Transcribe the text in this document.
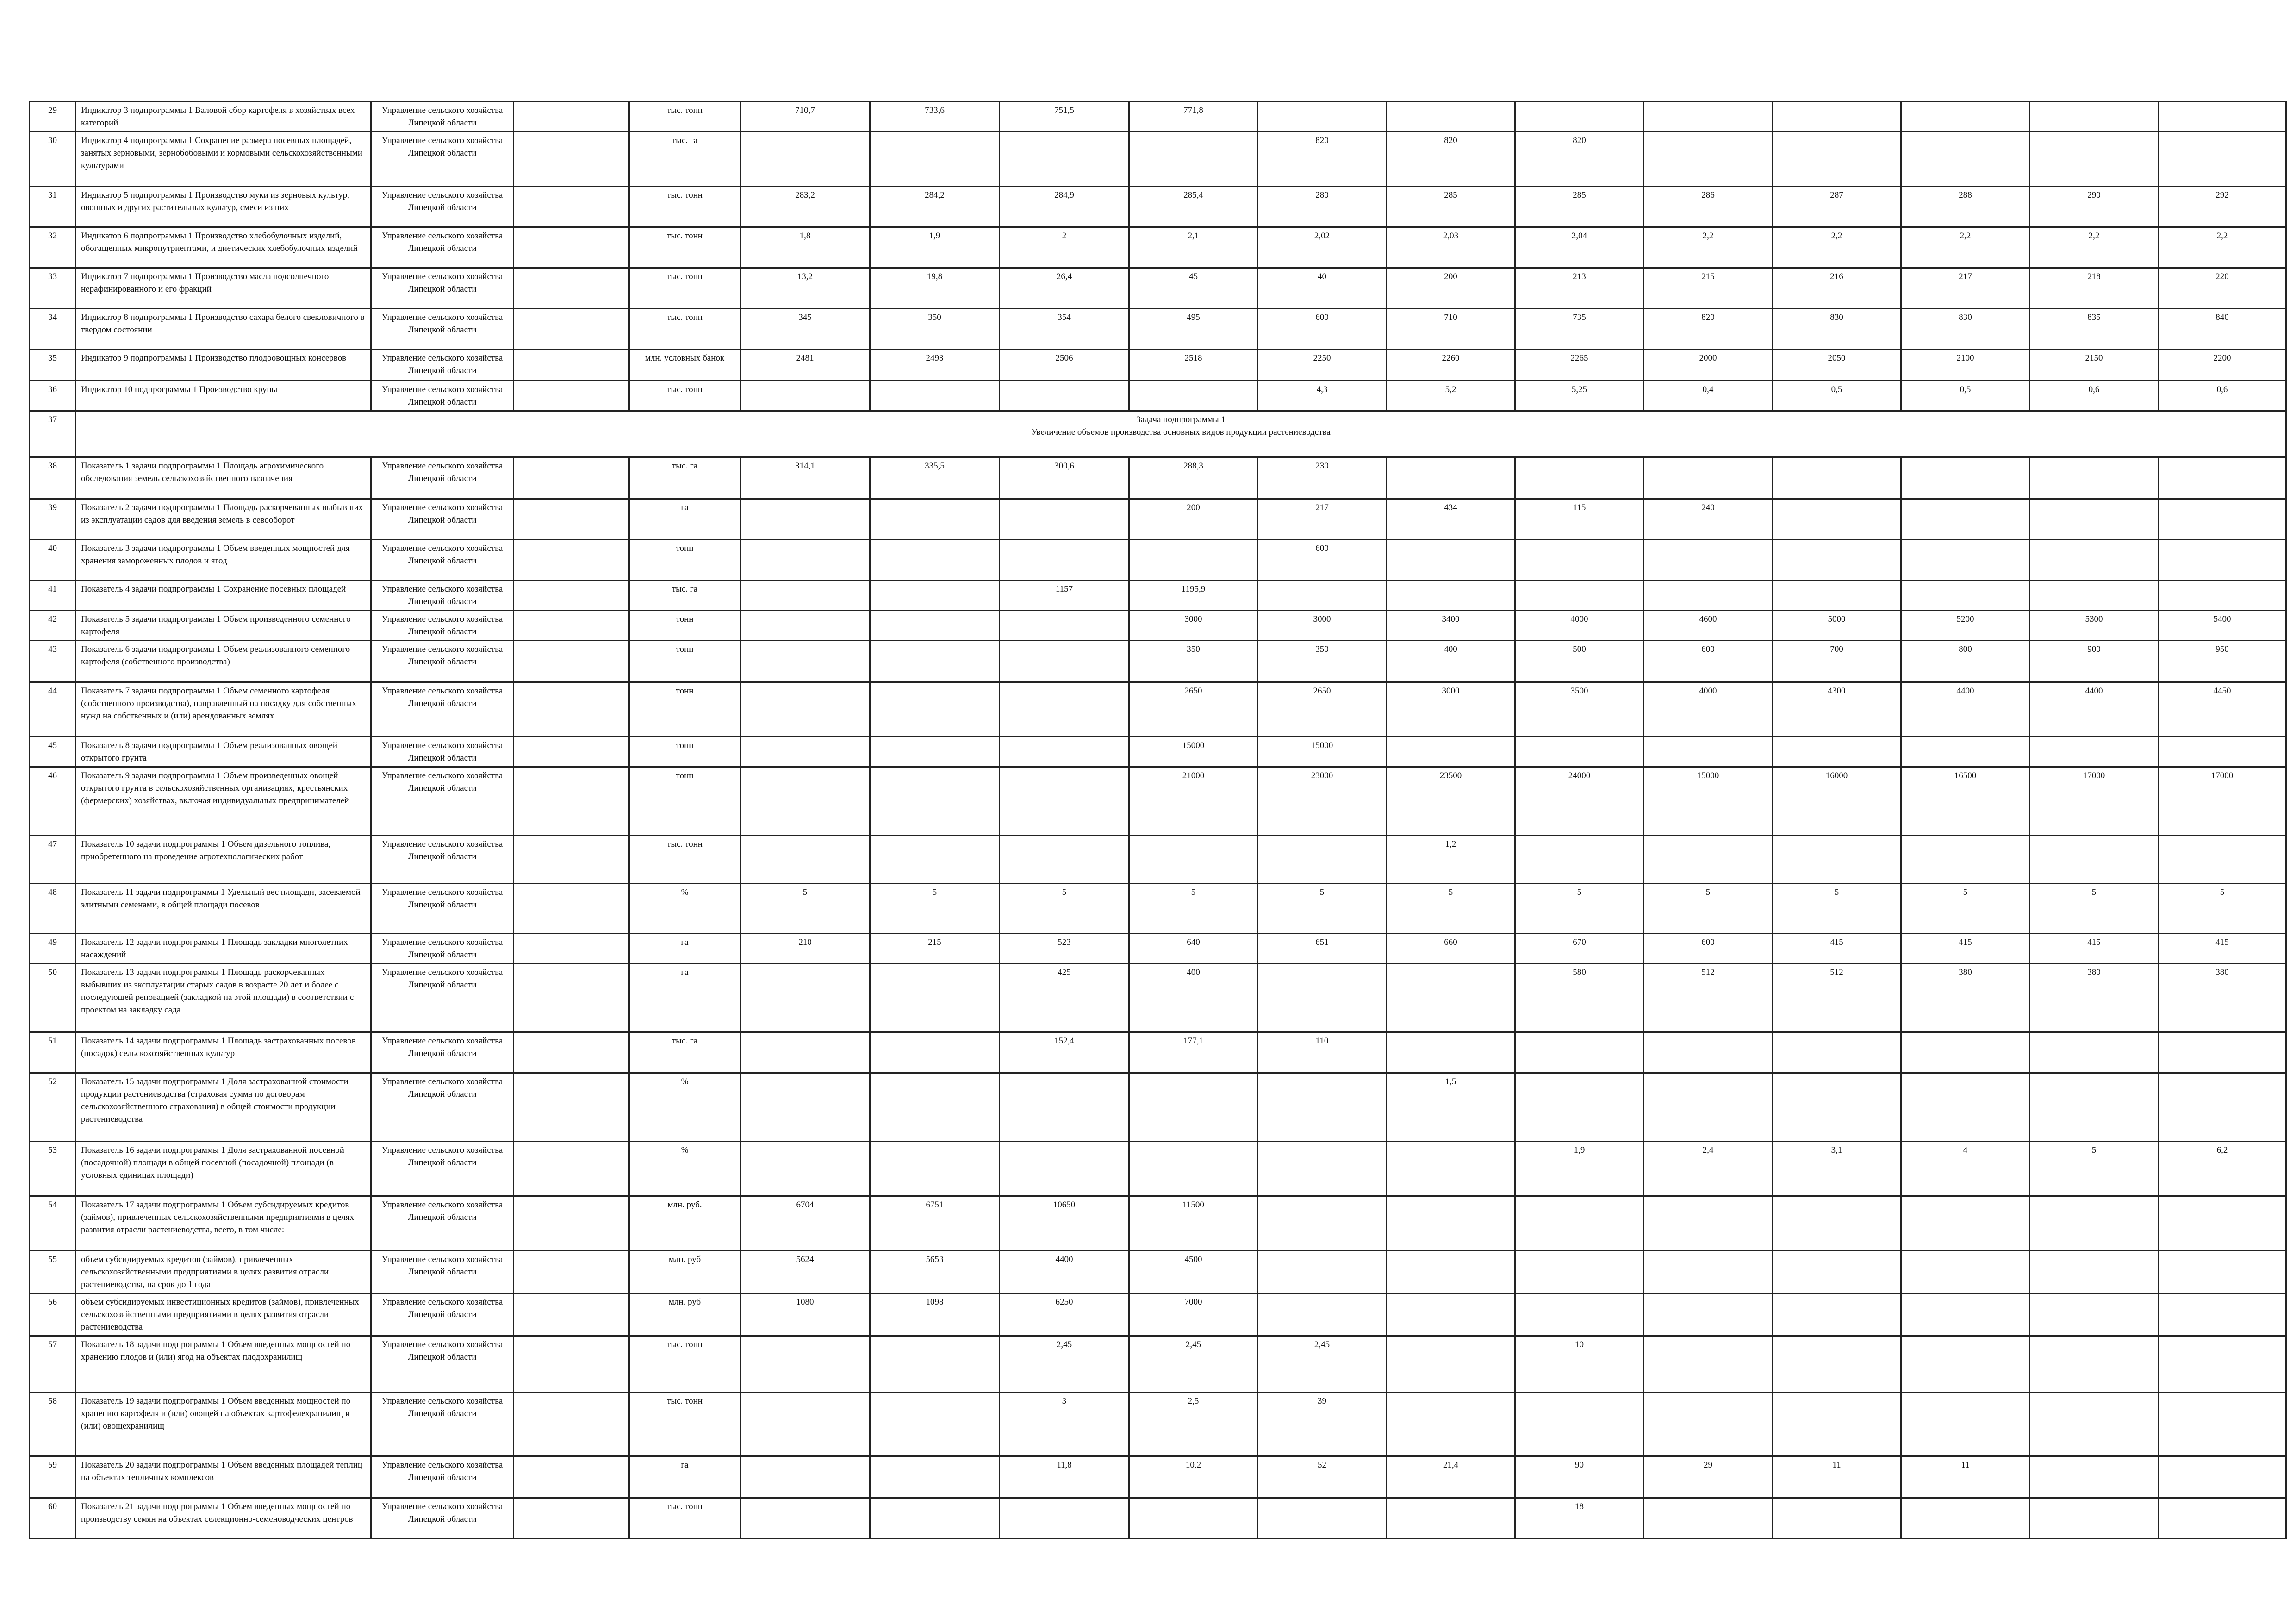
29	Индикатор 3 подпрограммы 1 Валовой сбор картофеля в хозяйствах всех категорий	Управление сельского хозяйства Липецкой области		тыс. тонн	710,7	733,6	751,5	771,8								
30	Индикатор 4 подпрограммы 1 Сохранение размера посевных площадей, занятых зерновыми, зернобобовыми и кормовыми сельскохозяйственными культурами	Управление сельского хозяйства Липецкой области		тыс. га					820	820	820					
31	Индикатор 5 подпрограммы 1 Производство муки из зерновых культур, овощных и других растительных культур, смеси из них	Управление сельского хозяйства Липецкой области		тыс. тонн	283,2	284,2	284,9	285,4	280	285	285	286	287	288	290	292
32	Индикатор 6 подпрограммы 1 Производство хлебобулочных изделий, обогащенных микронутриентами, и диетических хлебобулочных изделий	Управление сельского хозяйства Липецкой области		тыс. тонн	1,8	1,9	2	2,1	2,02	2,03	2,04	2,2	2,2	2,2	2,2	2,2
33	Индикатор 7 подпрограммы 1 Производство масла подсолнечного нерафинированного и его фракций	Управление сельского хозяйства Липецкой области		тыс. тонн	13,2	19,8	26,4	45	40	200	213	215	216	217	218	220
34	Индикатор 8 подпрограммы 1 Производство сахара белого свекловичного в твердом состоянии	Управление сельского хозяйства Липецкой области		тыс. тонн	345	350	354	495	600	710	735	820	830	830	835	840
35	Индикатор 9 подпрограммы 1 Производство плодоовощных консервов	Управление сельского хозяйства Липецкой области		млн. условных банок	2481	2493	2506	2518	2250	2260	2265	2000	2050	2100	2150	2200
36	Индикатор 10 подпрограммы 1 Производство крупы	Управление сельского хозяйства Липецкой области		тыс. тонн					4,3	5,2	5,25	0,4	0,5	0,5	0,6	0,6
37	Задача подпрограммы 1
Увеличение объемов производства основных видов продукции растениеводства															

38	Показатель 1 задачи подпрограммы 1 Площадь агрохимического обследования земель сельскохозяйственного назначения	Управление сельского хозяйства Липецкой области		тыс. га	314,1	335,5	300,6	288,3	230							
39	Показатель 2 задачи подпрограммы 1 Площадь раскорчеванных выбывших из эксплуатации садов для введения земель в севооборот	Управление сельского хозяйства Липецкой области		га				200	217	434	115	240				
40	Показатель 3 задачи подпрограммы 1 Объем введенных мощностей для хранения замороженных плодов и ягод	Управление сельского хозяйства Липецкой области		тонн					600							
41	Показатель 4 задачи подпрограммы 1 Сохранение посевных площадей	Управление сельского хозяйства Липецкой области		тыс. га			1157	1195,9								
42	Показатель 5 задачи подпрограммы 1 Объем произведенного семенного картофеля	Управление сельского хозяйства Липецкой области		тонн				3000	3000	3400	4000	4600	5000	5200	5300	5400
43	Показатель 6 задачи подпрограммы 1 Объем реализованного семенного картофеля (собственного производства)	Управление сельского хозяйства Липецкой области		тонн				350	350	400	500	600	700	800	900	950
44	Показатель 7 задачи подпрограммы 1 Объем семенного картофеля (собственного производства), направленный на посадку для собственных нужд на собственных и (или) арендованных землях	Управление сельского хозяйства Липецкой области		тонн				2650	2650	3000	3500	4000	4300	4400	4400	4450
45	Показатель 8 задачи подпрограммы 1 Объем реализованных овощей открытого грунта	Управление сельского хозяйства Липецкой области		тонн				15000	15000							
46	Показатель 9 задачи подпрограммы 1 Объем произведенных овощей открытого грунта в сельскохозяйственных организациях, крестьянских (фермерских) хозяйствах, включая индивидуальных предпринимателей	Управление сельского хозяйства Липецкой области		тонн				21000	23000	23500	24000	15000	16000	16500	17000	17000
47	Показатель 10 задачи подпрограммы 1 Объем дизельного топлива, приобретенного на проведение агротехнологических работ	Управление сельского хозяйства Липецкой области		тыс. тонн						1,2						
48	Показатель 11 задачи подпрограммы 1 Удельный вес площади, засеваемой элитными семенами, в общей площади посевов	Управление сельского хозяйства Липецкой области		%	5	5	5	5	5	5	5	5	5	5	5	5
49	Показатель 12 задачи подпрограммы 1 Площадь закладки многолетних насаждений	Управление сельского хозяйства Липецкой области		га	210	215	523	640	651	660	670	600	415	415	415	415
50	Показатель 13 задачи подпрограммы 1 Площадь раскорчеванных выбывших из эксплуатации старых садов в возрасте 20 лет и более с последующей реновацией (закладкой на этой площади) в соответствии с проектом на закладку сада	Управление сельского хозяйства Липецкой области		га			425	400			580	512	512	380	380	380
51	Показатель 14 задачи подпрограммы 1 Площадь застрахованных посевов (посадок) сельскохозяйственных культур	Управление сельского хозяйства Липецкой области		тыс. га			152,4	177,1	110							
52	Показатель 15 задачи подпрограммы 1 Доля застрахованной стоимости продукции растениеводства (страховая сумма по договорам сельскохозяйственного страхования) в общей стоимости продукции растениеводства	Управление сельского хозяйства Липецкой области		%						1,5						
53	Показатель 16 задачи подпрограммы 1 Доля застрахованной посевной (посадочной) площади в общей посевной (посадочной) площади (в условных единицах площади)	Управление сельского хозяйства Липецкой области		%							1,9	2,4	3,1	4	5	6,2
54	Показатель 17 задачи подпрограммы 1 Объем субсидируемых кредитов (займов), привлеченных сельскохозяйственными предприятиями в целях развития отрасли растениеводства, всего, в том числе:	Управление сельского хозяйства Липецкой области		млн. руб.	6704	6751	10650	11500								
55	объем субсидируемых кредитов (займов), привлеченных сельскохозяйственными предприятиями в целях развития отрасли растениеводства, на срок до 1 года	Управление сельского хозяйства Липецкой области		млн. руб	5624	5653	4400	4500								
56	объем субсидируемых инвестиционных кредитов (займов), привлеченных сельскохозяйственными предприятиями в целях развития отрасли растениеводства	Управление сельского хозяйства Липецкой области		млн. руб	1080	1098	6250	7000								
57	Показатель 18 задачи подпрограммы 1 Объем введенных мощностей по хранению плодов и (или) ягод на объектах плодохранилищ	Управление сельского хозяйства Липецкой области		тыс. тонн			2,45	2,45	2,45		10					
58	Показатель 19 задачи подпрограммы 1 Объем введенных мощностей по хранению картофеля и (или) овощей на объектах картофелехранилищ и (или) овощехранилищ	Управление сельского хозяйства Липецкой области		тыс. тонн			3	2,5	39							
59	Показатель 20 задачи подпрограммы 1 Объем введенных площадей теплиц на объектах тепличных комплексов	Управление сельского хозяйства Липецкой области		га			11,8	10,2	52	21,4	90	29	11	11		
60	Показатель 21 задачи подпрограммы 1 Объем введенных мощностей по производству семян на объектах селекционно-семеноводческих центров	Управление сельского хозяйства Липецкой области		тыс. тонн							18					
